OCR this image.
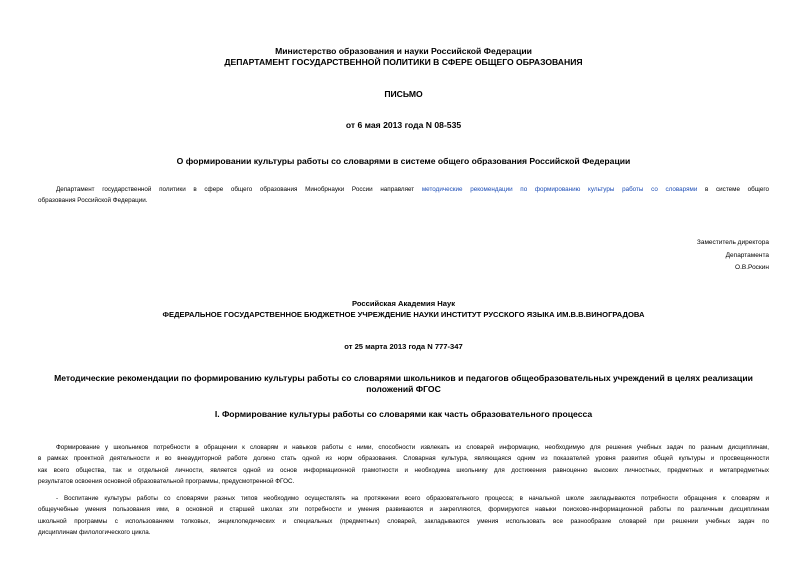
Министерство образования и науки Российской Федерации
ДЕПАРТАМЕНТ ГОСУДАРСТВЕННОЙ ПОЛИТИКИ В СФЕРЕ ОБЩЕГО ОБРАЗОВАНИЯ
ПИСЬМО
от 6 мая 2013 года N 08-535
О формировании культуры работы со словарями в системе общего образования Российской Федерации
Департамент государственной политики в сфере общего образования Минобрнауки России направляет методические рекомендации по формированию культуры работы со словарями в системе общего
образования Российской Федерации.
Заместитель директора
Департамента
О.В.Роскин
Российская Академия Наук
ФЕДЕРАЛЬНОЕ ГОСУДАРСТВЕННОЕ БЮДЖЕТНОЕ УЧРЕЖДЕНИЕ НАУКИ ИНСТИТУТ РУССКОГО ЯЗЫКА ИМ.В.В.ВИНОГРАДОВА
от 25 марта 2013 года N 777-347
Методические рекомендации по формированию культуры работы со словарями школьников и педагогов общеобразовательных учреждений в целях реализации
положений ФГОС
I. Формирование культуры работы со словарями как часть образовательного процесса
Формирование у школьников потребности в обращении к словарям и навыков работы с ними, способности извлекать из словарей информацию, необходимую для решения учебных задач по разным дисциплинам,
в рамках проектной деятельности и во внеаудиторной работе должно стать одной из норм образования. Словарная культура, являющаяся одним из показателей уровня развития общей культуры и просвещенности
как всего общества, так и отдельной личности, является одной из основ информационной грамотности и необходима школьнику для достижения равноценно высоких личностных, предметных и метапредметных
результатов освоения основной образовательной программы, предусмотренной ФГОС.
- Воспитание культуры работы со словарями разных типов необходимо осуществлять на протяжении всего образовательного процесса; в начальной школе закладываются потребности обращения к словарям и
общеучебные умения пользования ими, в основной и старшей школах эти потребности и умения развиваются и закрепляются, формируются навыки поисково-информационной работы по различным дисциплинам
школьной программы с использованием толковых, энциклопедических и специальных (предметных) словарей, закладываются умения использовать все разнообразие словарей при решении учебных задач по
дисциплинам филологического цикла.
